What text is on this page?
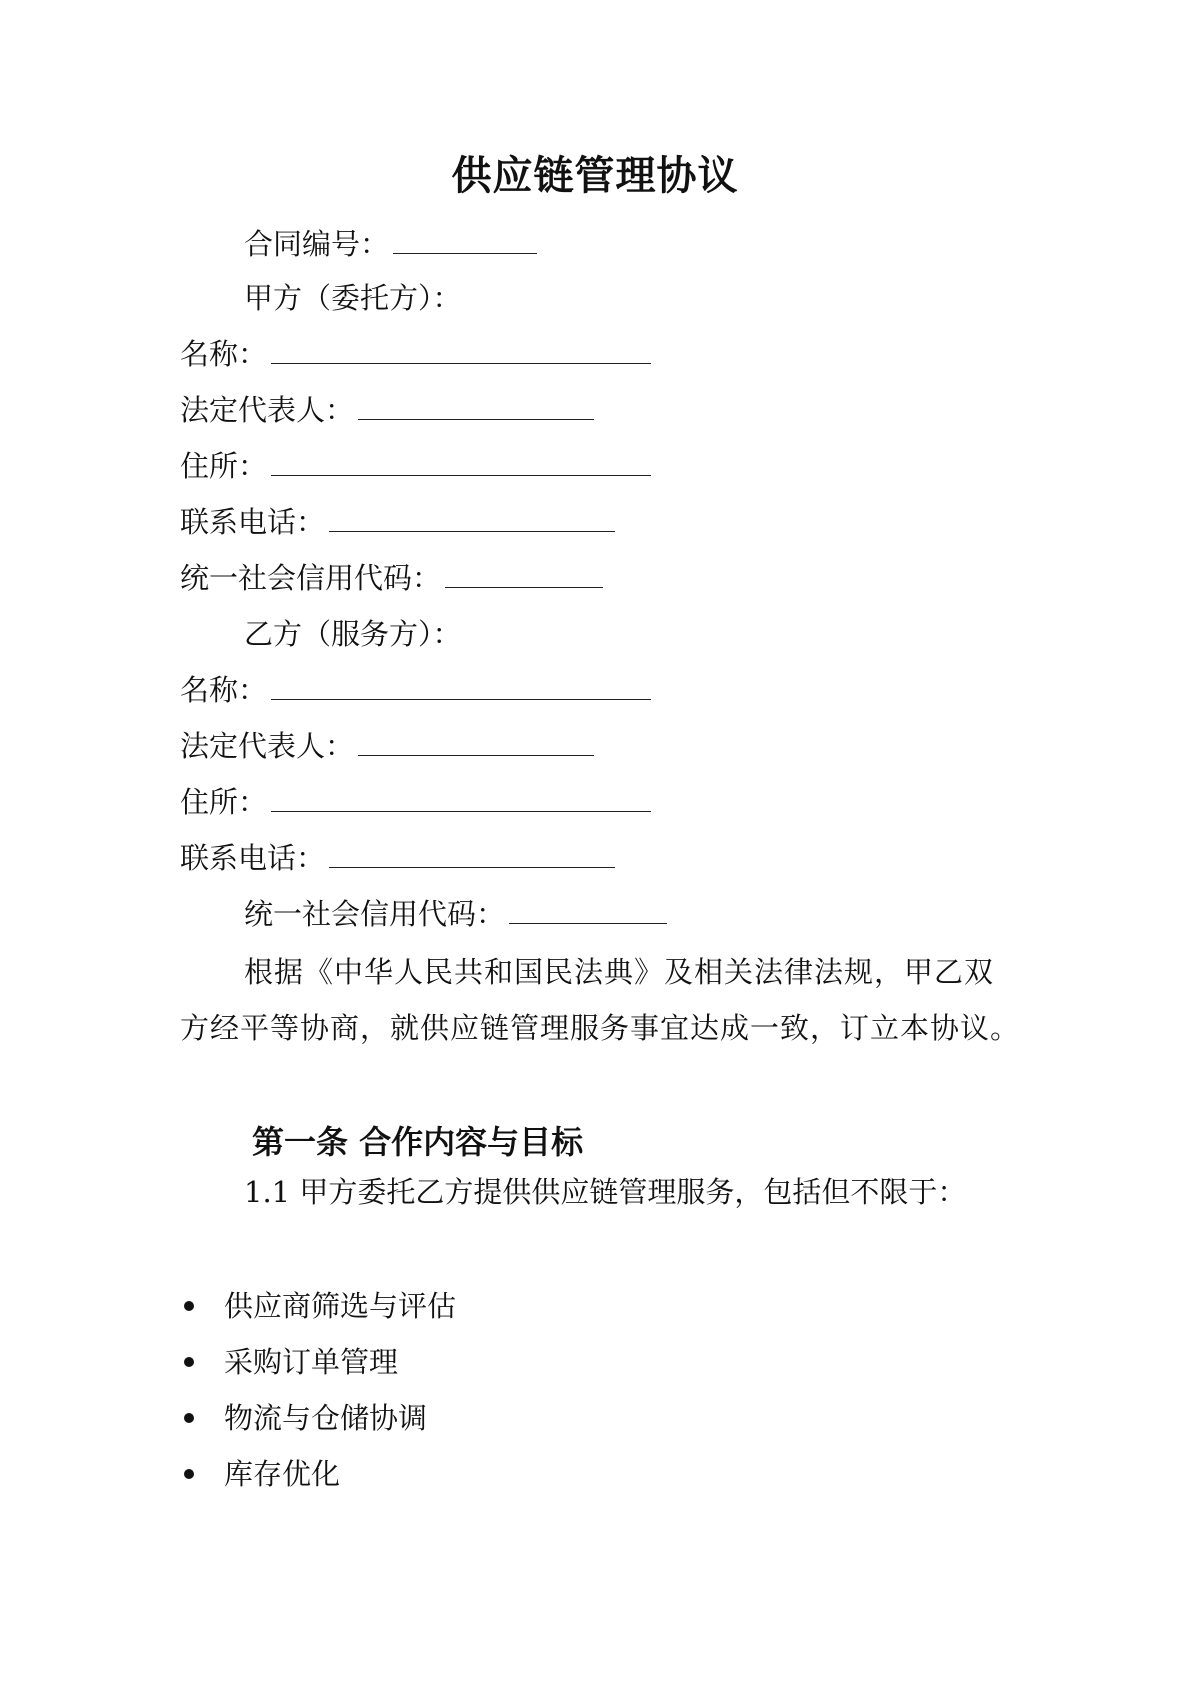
供应链管理协议
合同编号：
甲方（委托方）：
名称：
法定代表人：
住所：
联系电话：
统一社会信用代码：
乙方（服务方）：
名称：
法定代表人：
住所：
联系电话：
统一社会信用代码：

根据《中华人民共和国民法典》及相关法律法规，甲乙双方经平等协商，就供应链管理服务事宜达成一致，订立本协议。

第一条 合作内容与目标
1.1 甲方委托乙方提供供应链管理服务，包括但不限于：
供应商筛选与评估
采购订单管理
物流与仓储协调
库存优化
